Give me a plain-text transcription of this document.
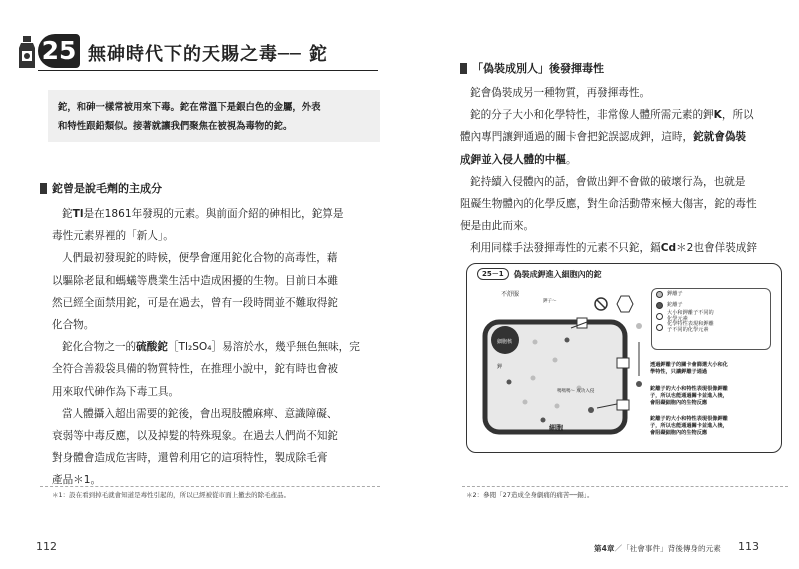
25 無砷時代下的天賜之毒── 鉈

鉈，和砷一樣常被用來下毒。鉈在常溫下是銀白色的金屬，外表

和特性跟鉛類似。接著就讓我們聚焦在被視為毒物的鉈。

鉈曾是說毛劑的主成分

鉈Tl是在1861年發現的元素。與前面介紹的砷相比，鉈算是

毒性元素界裡的「新人」。

人們最初發現鉈的時候，便學會運用鉈化合物的高毒性，藉

以驅除老鼠和螞蟻等農業生活中造成困擾的生物。目前日本雖

然已經全面禁用鉈，可是在過去，曾有一段時間並不難取得鉈

化合物。

鉈化合物之一的硫酸鉈［Tl₂SO₄］易溶於水，幾乎無色無味，完

全符合善殺袋具備的物質特性，在推理小說中，鉈有時也會被

用來取代砷作為下毒工具。

當人體攝入超出需要的鉈後，會出現肢體麻痺、意識障礙、

衰弱等中毒反應，以及掉髮的特殊現象。在過去人們尚不知鉈

對身體會造成危害時，還曾利用它的這項特性，製成除毛膏

產品＊1。

＊1：設在看到掉毛就會知道是毒性引起的，所以已經被從市面上撤去的除毛產品。
112
「偽裝成別人」後發揮毒性

鉈會偽裝成另一種物質，再發揮毒性。

鉈的分子大小和化學特性，非常像人體所需元素的鉀K，所以

體內專門讓鉀通過的關卡會把鉈誤認成鉀，這時，鉈就會偽裝

成鉀並入侵人體的中樞。

鉈持續入侵體內的話，會做出鉀不會做的破壞行為，也就是

阻礙生物體內的化學反應，對生命活動帶來極大傷害，鉈的毒性

便是由此而來。

利用同樣手法發揮毒性的元素不只鉈，鎘Cd＊2也會佯裝成鋅

25－1	偽裝成鉀進入細胞內的鉈
不舒服
細胞核
細胞
鉀
鉀子～
嗎嗎嗎～ 成功入侵
鉀離子
鉈離子
大小和鉀離子不同的
化學元素
化學特性表現和鉀離
子不同的化學元素
透過鉀離子的關卡會篩選大小和化
學特性，只讓鉀離子通過
鉈離子的大小和特性表現很像鉀離
子，所以也能通過關卡並進入後，
會阻礙細胞內的生物反應
鉈離子的大小和特性表現很像鉀離
子，所以也能通過關卡並進入後，
會阻礙細胞內的生物反應
＊2：參閱「27造成全身劇痛的痛苦──鎘」。
第4章／「社會事件」背後傳身的元素 113
